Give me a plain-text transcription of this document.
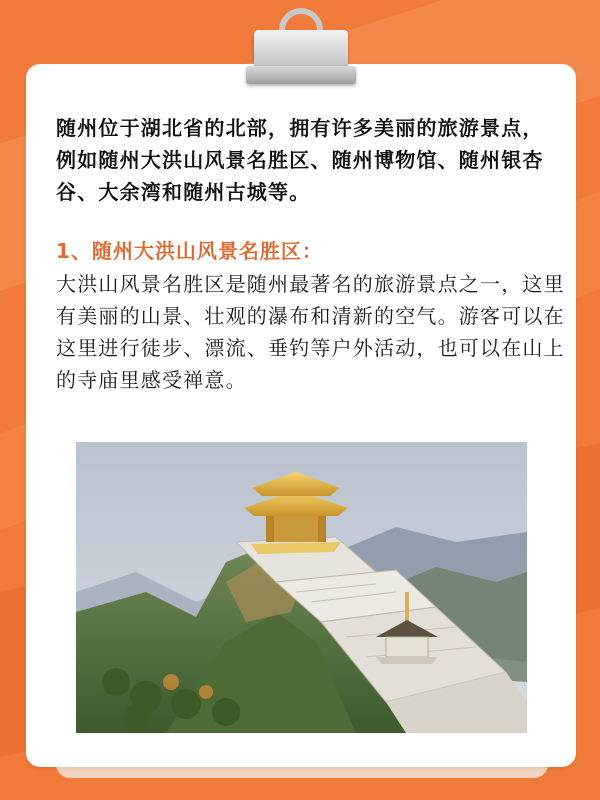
随州位于湖北省的北部，拥有许多美丽的旅游景点，例如随州大洪山风景名胜区、随州博物馆、随州银杏谷、大余湾和随州古城等。

1、随州大洪山风景名胜区：

大洪山风景名胜区是随州最著名的旅游景点之一，这里有美丽的山景、壮观的瀑布和清新的空气。游客可以在这里进行徒步、漂流、垂钓等户外活动，也可以在山上的寺庙里感受禅意。
